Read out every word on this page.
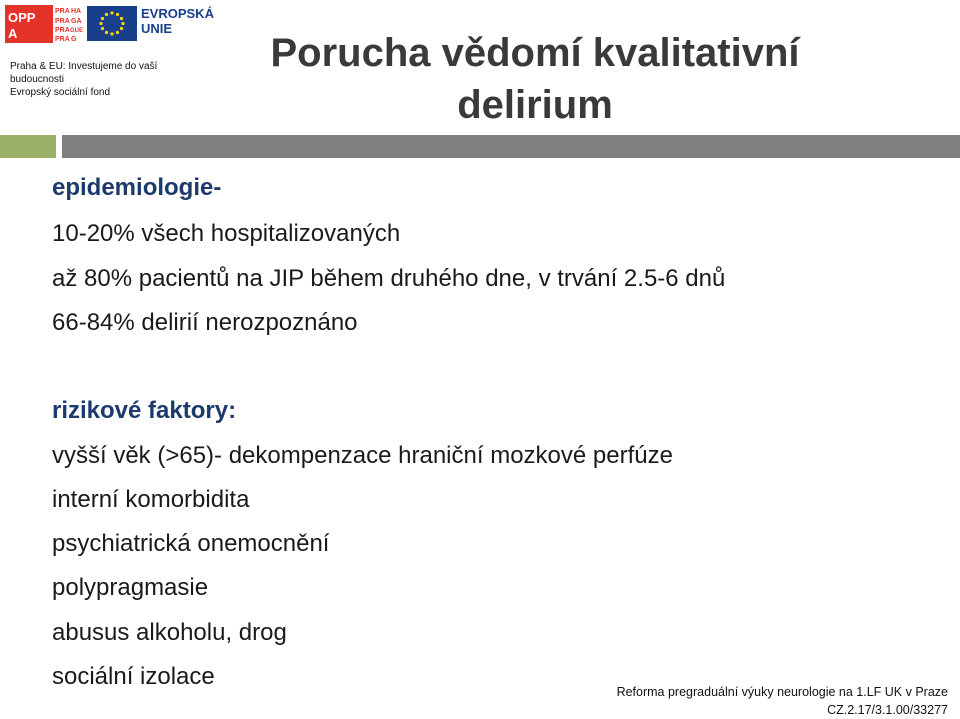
OPP
A
PRA HA
PRA GA
PRA GUE
PRA G
EVROPSKÁ
UNIE
Praha & EU: Investujeme do vaší budoucnosti
Evropský sociální fond
Porucha vědomí kvalitativní
delirium
epidemiologie-
10-20% všech hospitalizovaných
až 80% pacientů na JIP během druhého dne, v trvání 2.5-6 dnů
66-84% delirií nerozpoznáno
rizikové faktory:
vyšší věk (>65)- dekompenzace hraniční mozkové perfúze
interní komorbidita
psychiatrická onemocnění
polypragmasie
abusus alkoholu, drog
sociální izolace
Reforma pregraduální výuky neurologie na 1.LF UK v Praze
CZ.2.17/3.1.00/33277
